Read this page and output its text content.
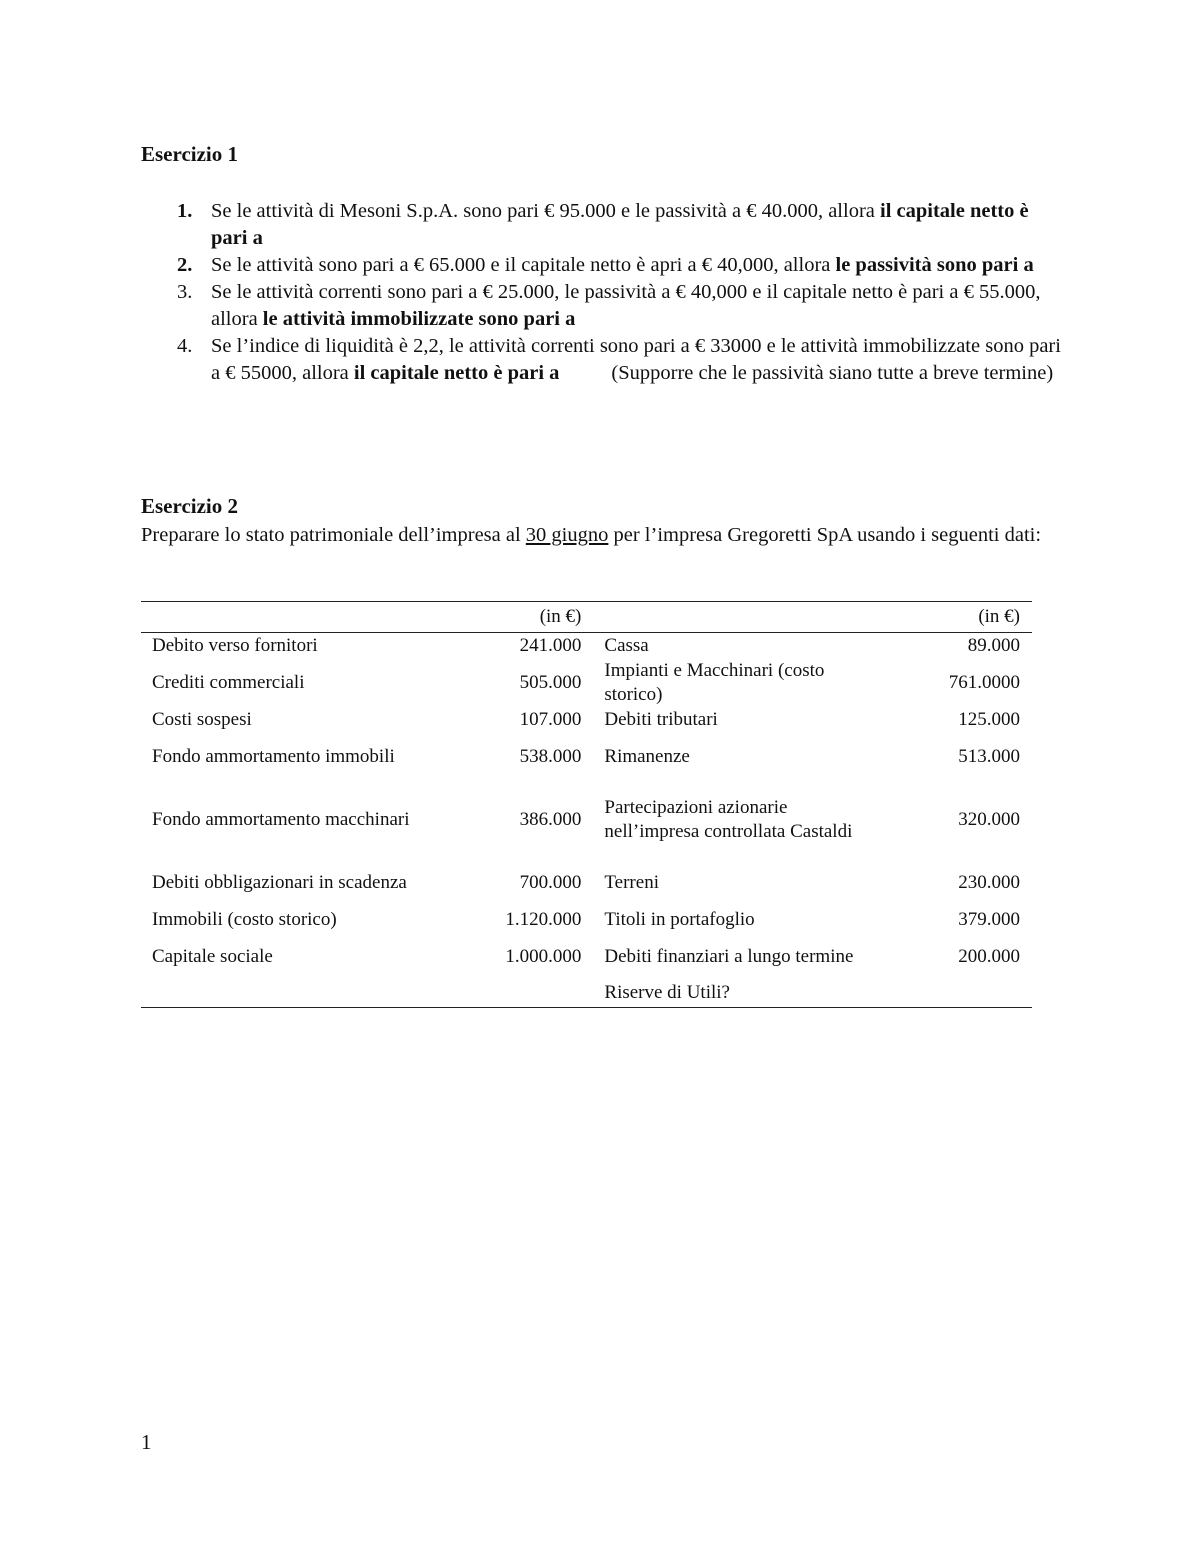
Esercizio 1
1. Se le attività di Mesoni S.p.A. sono pari € 95.000 e le passività a € 40.000, allora il capitale netto è pari a
2. Se le attività sono pari a € 65.000 e il capitale netto è apri a € 40,000, allora le passività sono pari a
3. Se le attività correnti sono pari a € 25.000, le passività a € 40,000 e il capitale netto è pari a € 55.000, allora le attività immobilizzate sono pari a
4. Se l’indice di liquidità è 2,2, le attività correnti sono pari a € 33000 e le attività immobilizzate sono pari a € 55000, allora il capitale netto è pari a	(Supporre che le passività siano tutte a breve termine)
Esercizio 2

Preparare lo stato patrimoniale dell’impresa al 30 giugno per l’impresa Gregoretti SpA usando i seguenti dati:

	(in €)		(in €)
Debito verso fornitori	241.000	Cassa	89.000
Crediti commerciali	505.000	Impianti e Macchinari (costo storico)	761.0000
Costi sospesi	107.000	Debiti tributari	125.000
Fondo ammortamento immobili	538.000	Rimanenze	513.000
Fondo ammortamento macchinari	386.000	Partecipazioni azionarie nell’impresa controllata Castaldi	320.000
Debiti obbligazionari in scadenza	700.000	Terreni	230.000
Immobili (costo storico)	1.120.000	Titoli in portafoglio	379.000
Capitale sociale	1.000.000	Debiti finanziari a lungo termine	200.000
		Riserve di Utili?	
1
